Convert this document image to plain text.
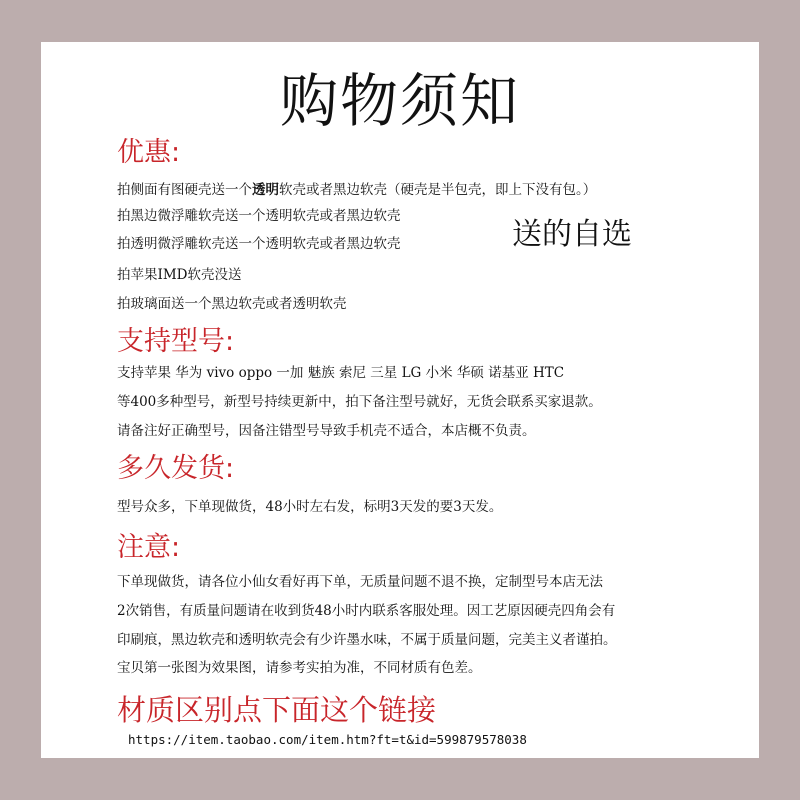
购物须知
优惠:
拍侧面有图硬壳送一个透明软壳或者黑边软壳（硬壳是半包壳，即上下没有包。）
拍黑边微浮雕软壳送一个透明软壳或者黑边软壳
拍透明微浮雕软壳送一个透明软壳或者黑边软壳
拍苹果IMD软壳没送
拍玻璃面送一个黑边软壳或者透明软壳
送的自选
支持型号:
支持苹果 华为 vivo oppo 一加 魅族 索尼 三星 LG 小米 华硕 诺基亚 HTC
等400多种型号，新型号持续更新中，拍下备注型号就好，无货会联系买家退款。
请备注好正确型号，因备注错型号导致手机壳不适合，本店概不负责。
多久发货:
型号众多，下单现做货，48小时左右发，标明3天发的要3天发。
注意:
下单现做货，请各位小仙女看好再下单，无质量问题不退不换，定制型号本店无法
2次销售，有质量问题请在收到货48小时内联系客服处理。因工艺原因硬壳四角会有
印刷痕，黑边软壳和透明软壳会有少许墨水味，不属于质量问题，完美主义者谨拍。
宝贝第一张图为效果图，请参考实拍为准，不同材质有色差。
材质区别点下面这个链接
https://item.taobao.com/item.htm?ft=t&id=599879578038
